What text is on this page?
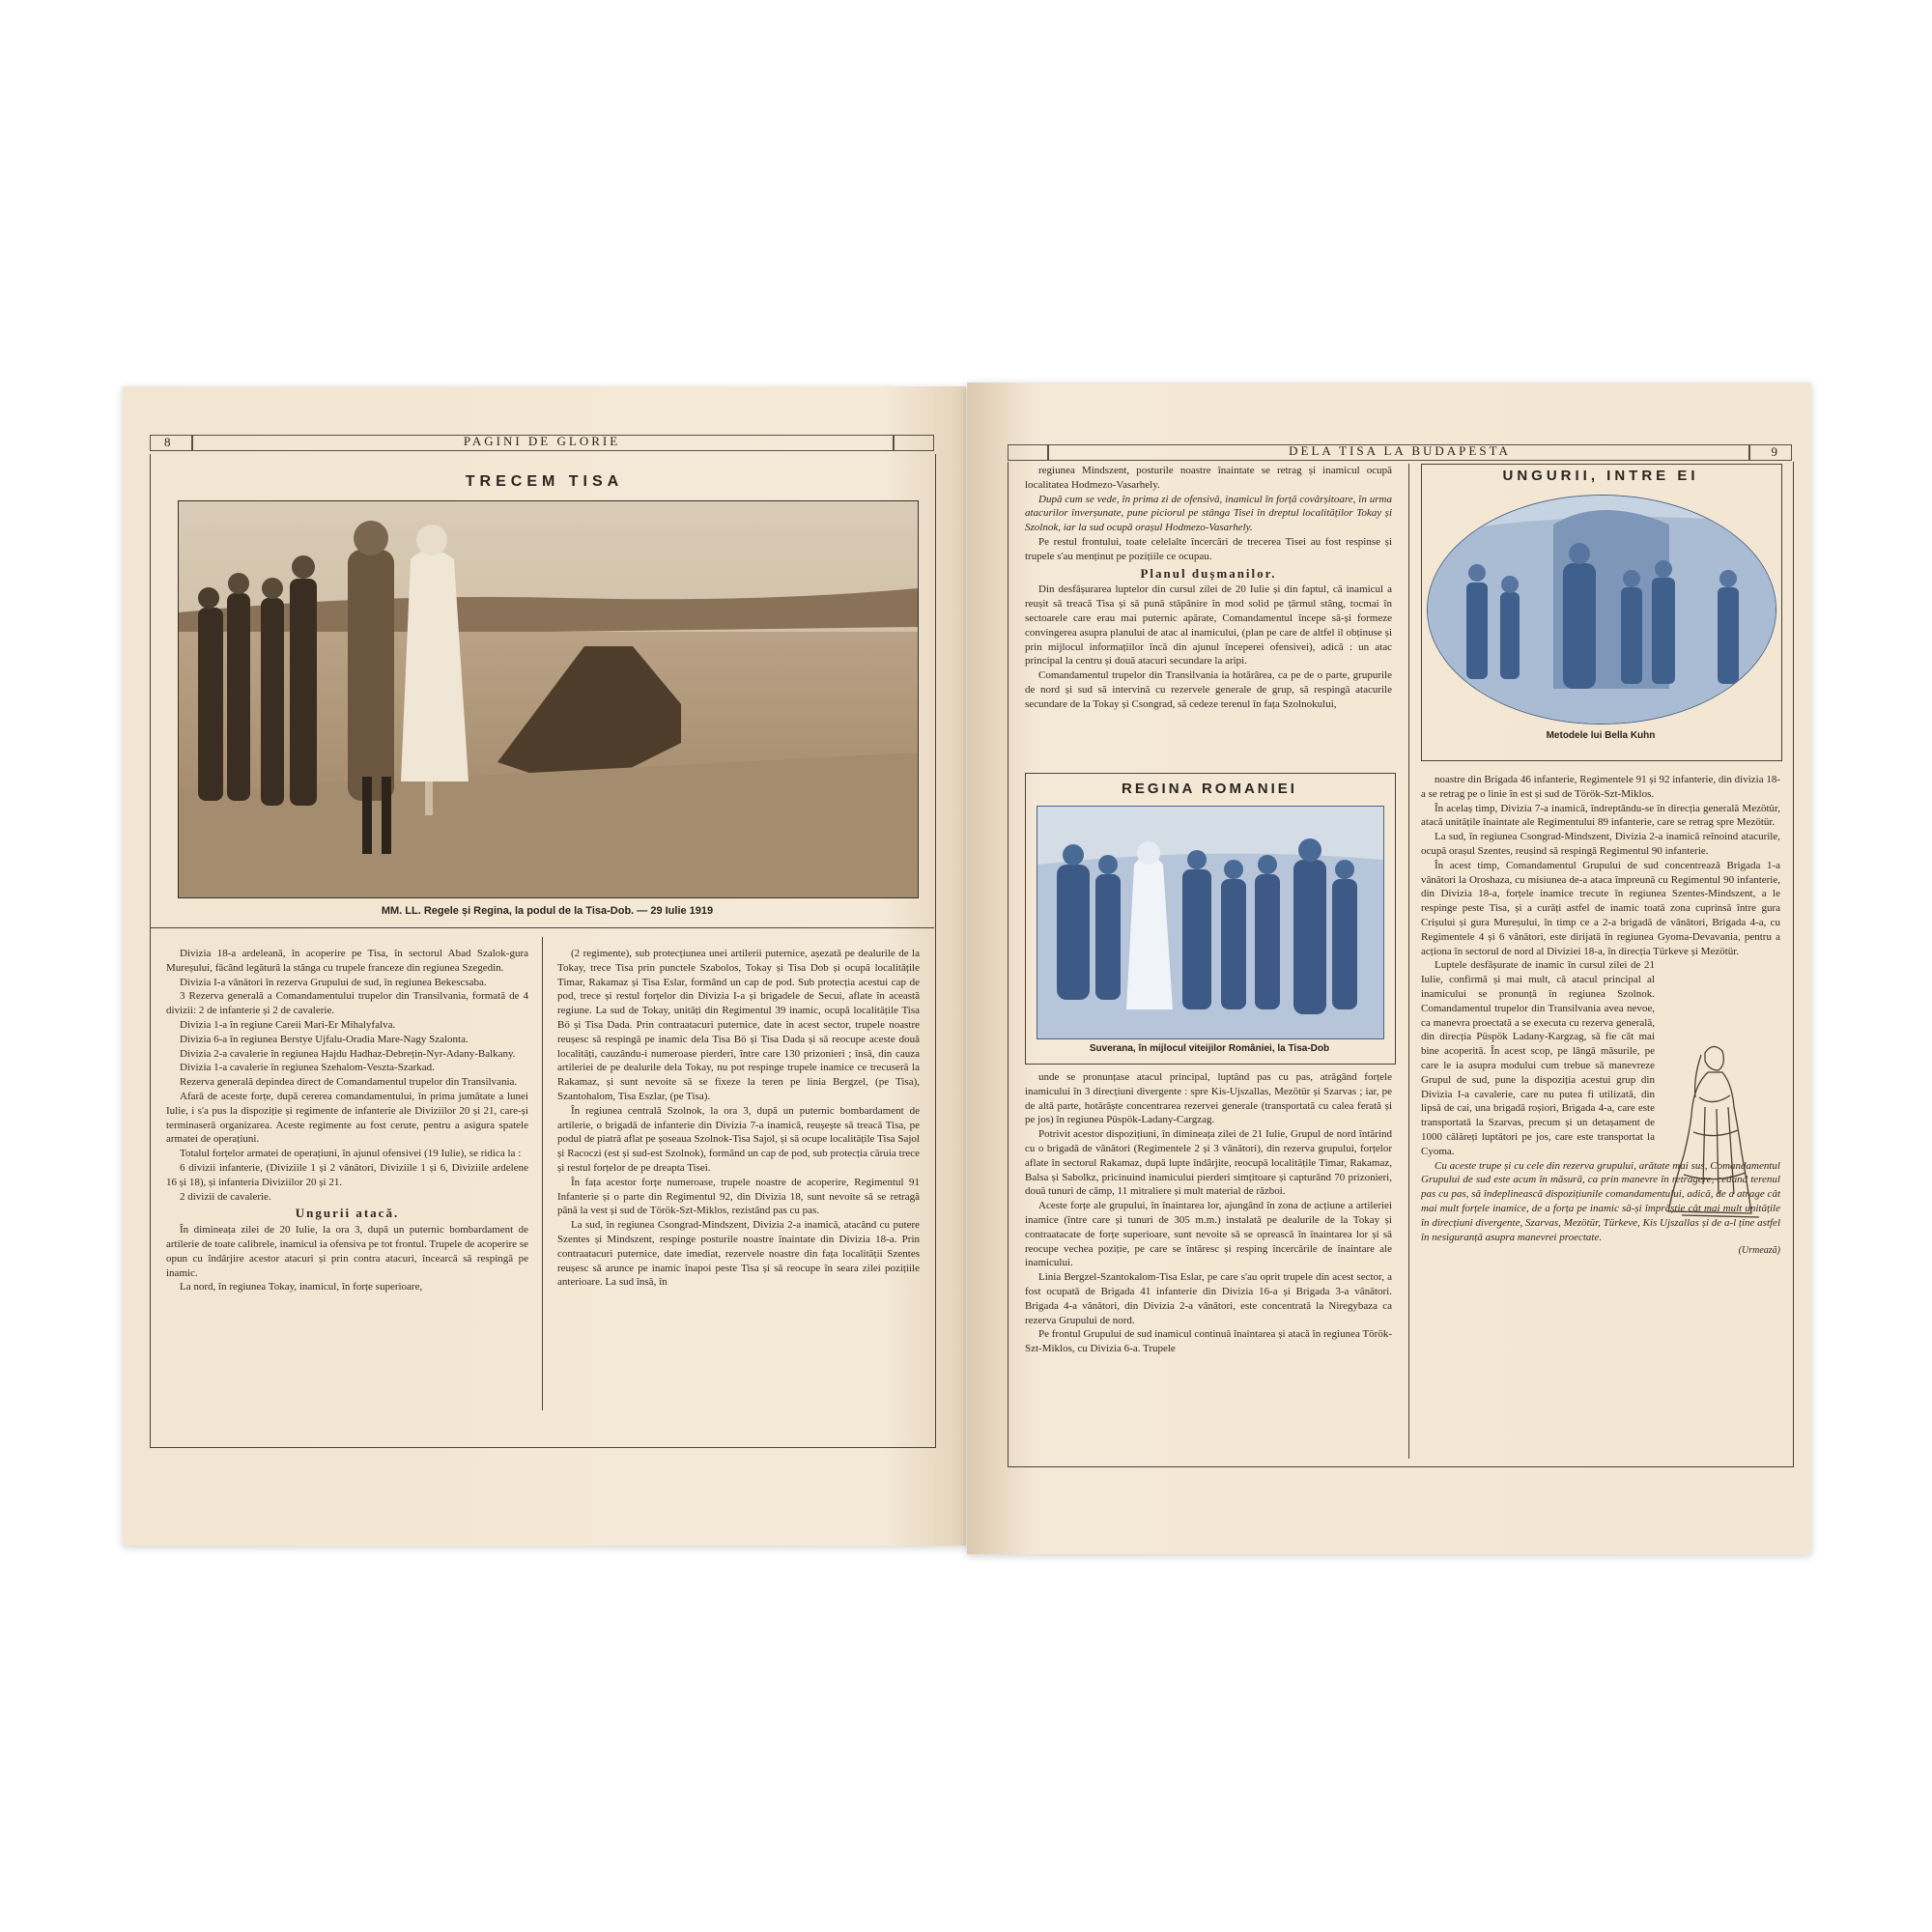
8	PAGINI DE GLORIE
TRECEM TISA
MM. LL. Regele și Regina, la podul de la Tisa-Dob. — 29 Iulie 1919

Divizia 18-a ardeleană, în acoperire pe Tisa, în sectorul Abad Szalok-gura Mureșului, făcând legătură la stânga cu trupele franceze din regiunea Szegedin.

Divizia I-a vânători în rezerva Grupului de sud, în regiunea Bekescsaba.

3 Rezerva generală a Comandamentului trupelor din Transilvania, formată de 4 divizii: 2 de infanterie și 2 de cavalerie.

Divizia 1-a în regiune Careii Mari-Er Mihalyfalva.

Divizia 6-a în regiunea Berstye Ujfalu-Oradia Mare-Nagy Szalonta.

Divizia 2-a cavalerie în regiunea Hajdu Hadhaz-Debrețin-Nyr-Adany-Balkany.

Divizia 1-a cavalerie în regiunea Szehalom-Veszta-Szarkad.

Rezerva generală depindea direct de Comandamentul trupelor din Transilvania.

Afară de aceste forțe, după cererea comandamentului, în prima jumătate a lunei Iulie, i s'a pus la dispoziție și regimente de infanterie ale Diviziilor 20 și 21, care-și terminaseră organizarea. Aceste regimente au fost cerute, pentru a asigura spatele armatei de operațiuni.

Totalul forțelor armatei de operațiuni, în ajunul ofensivei (19 Iulie), se ridica la :

6 divizii infanterie, (Diviziile 1 și 2 vânători, Diviziile 1 și 6, Diviziile ardelene 16 și 18), și infanteria Diviziilor 20 și 21.

2 divizii de cavalerie.

Ungurii atacă.

În dimineața zilei de 20 Iulie, la ora 3, după un puternic bombardament de artilerie de toate calibrele, inamicul ia ofensiva pe tot frontul. Trupele de acoperire se opun cu îndârjire acestor atacuri și prin contra atacuri, încearcă să respingă pe inamic.

La nord, în regiunea Tokay, inamicul, în forțe superioare,

(2 regimente), sub protecțiunea unei artilerii puternice, așezată pe dealurile de la Tokay, trece Tisa prin punctele Szabolos, Tokay și Tisa Dob și ocupă localitățile Timar, Rakamaz și Tisa Eslar, formând un cap de pod. Sub protecția acestui cap de pod, trece și restul forțelor din Divizia I-a și brigadele de Secui, aflate în această regiune. La sud de Tokay, unități din Regimentul 39 inamic, ocupă localitățile Tisa Bö și Tisa Dada. Prin contraatacuri puternice, date în acest sector, trupele noastre reușesc să respingă pe inamic dela Tisa Bö și Tisa Dada și să reocupe aceste două localități, cauzându-i numeroase pierderi, între care 130 prizonieri ; însă, din cauza artileriei de pe dealurile dela Tokay, nu pot respinge trupele inamice ce trecuseră la Rakamaz, și sunt nevoite să se fixeze la teren pe linia Bergzel, (pe Tisa), Szantohalom, Tisa Eszlar, (pe Tisa).

În regiunea centrală Szolnok, la ora 3, după un puternic bombardament de artilerie, o brigadă de infanterie din Divizia 7-a inamică, reușește să treacă Tisa, pe podul de piatră aflat pe șoseaua Szolnok-Tisa Sajol, și să ocupe localitățile Tisa Sajol și Racoczi (est și sud-est Szolnok), formând un cap de pod, sub protecția căruia trece și restul forțelor de pe dreapta Tisei.

În fața acestor forțe numeroase, trupele noastre de acoperire, Regimentul 91 Infanterie și o parte din Regimentul 92, din Divizia 18, sunt nevoite să se retragă până la vest și sud de Török-Szt-Miklos, rezistând pas cu pas.

La sud, în regiunea Csongrad-Mindszent, Divizia 2-a inamică, atacând cu putere Szentes și Mindszent, respinge posturile noastre înaintate din Divizia 18-a. Prin contraatacuri puternice, date imediat, rezervele noastre din fața localității Szentes reușesc să arunce pe inamic înapoi peste Tisa și să reocupe în seara zilei pozițiile anterioare. La sud însă, în

DELA TISA LA BUDAPESTA	9

regiunea Mindszent, posturile noastre înaintate se retrag și inamicul ocupă localitatea Hodmezo-Vasarhely.

După cum se vede, în prima zi de ofensivă, inamicul în forță covârșitoare, în urma atacurilor înverșunate, pune piciorul pe stânga Tisei în dreptul localităților Tokay și Szolnok, iar la sud ocupă orașul Hodmezo-Vasarhely.

Pe restul frontului, toate celelalte încercări de trecerea Tisei au fost respinse și trupele s'au menținut pe pozițiile ce ocupau.

Planul dușmanilor.

Din desfășurarea luptelor din cursul zilei de 20 Iulie și din faptul, că inamicul a reușit să treacă Tisa și să pună stăpânire în mod solid pe țărmul stâng, tocmai în sectoarele care erau mai puternic apărate, Comandamentul începe să-și formeze convingerea asupra planului de atac al inamicului, (plan pe care de altfel il obținuse și prin mijlocul informațiilor încă din ajunul începerei ofensivei), adică : un atac principal la centru și două atacuri secundare la aripi.

Comandamentul trupelor din Transilvania ia hotărârea, ca pe de o parte, grupurile de nord și sud să intervină cu rezervele generale de grup, să respingă atacurile secundare de la Tokay și Csongrad, să cedeze terenul în fața Szolnokului,

REGINA ROMANIEI
Suverana, în mijlocul viteijilor României, la Tisa-Dob

unde se pronunțase atacul principal, luptând pas cu pas, atrăgând forțele inamicului în 3 direcțiuni divergente : spre Kis-Ujszallas, Mezötür și Szarvas ; iar, pe de altă parte, hotărăște concentrarea rezervei generale (transportată cu calea ferată și pe jos) în regiunea Püspök-Ladany-Cargzag.

Potrivit acestor dispozițiuni, în dimineața zilei de 21 Iulie, Grupul de nord întărind cu o brigadă de vânători (Regimentele 2 și 3 vânători), din rezerva grupului, forțelor aflate în sectorul Rakamaz, după lupte îndârjite, reocupă localitățile Timar, Rakamaz, Balsa și Sabolkz, pricinuind inamicului pierderi simțitoare și capturând 70 prizonieri, două tunuri de câmp, 11 mitraliere și mult material de război.

Aceste forțe ale grupului, în înaintarea lor, ajungând în zona de acțiune a artileriei inamice (între care și tunuri de 305 m.m.) instalată pe dealurile de la Tokay și contraatacate de forțe superioare, sunt nevoite să se oprească în înaintarea lor și să reocupe vechea poziție, pe care se întăresc și resping încercările de înaintare ale inamicului.

Linia Bergzel-Szantokalom-Tisa Eslar, pe care s'au oprit trupele din acest sector, a fost ocupată de Brigada 41 infanterie din Divizia 16-a și Brigada 3-a vânători. Brigada 4-a vânători, din Divizia 2-a vânători, este concentrată la Niregybaza ca rezerva Grupului de nord.

Pe frontul Grupului de sud inamicul continuă înaintarea și atacă în regiunea Török-Szt-Miklos, cu Divizia 6-a. Trupele

UNGURII, INTRE EI
Metodele lui Bella Kuhn

noastre din Brigada 46 infanterie, Regimentele 91 și 92 infanterie, din divizia 18-a se retrag pe o linie în est și sud de Török-Szt-Miklos.

În acelaș timp, Divizia 7-a inamică, îndreptându-se în direcția generală Mezötür, atacă unitățile înaintate ale Regimentului 89 infanterie, care se retrag spre Mezötür.

La sud, în regiunea Csongrad-Mindszent, Divizia 2-a inamică reînoind atacurile, ocupă orașul Szentes, reușind să respingă Regimentul 90 infanterie.

În acest timp, Comandamentul Grupului de sud concentrează Brigada 1-a vânători la Oroshaza, cu misiunea de-a ataca împreună cu Regimentul 90 infanterie, din Divizia 18-a, forțele inamice trecute în regiunea Szentes-Mindszent, a le respinge peste Tisa, și a curăți astfel de inamic toată zona cuprinsă între gura Crișului și gura Mureșului, în timp ce a 2-a brigadă de vânători, Brigada 4-a, cu Regimentele 4 și 6 vânători, este dirijată în regiunea Gyoma-Devavania, pentru a acționa în sectorul de nord al Diviziei 18-a, în direcția Türkeve și Mezötür.

Luptele desfășurate de inamic în cursul zilei de 21 Iulie, confirmă și mai mult, că atacul principal al inamicului se pronunță în regiunea Szolnok. Comandamentul trupelor din Transilvania avea nevoe, ca manevra proectată a se executa cu rezerva generală, din direcția Püspök Ladany-Kargzag, să fie cât mai bine acoperită. În acest scop, pe lângă măsurile, pe care le ia asupra modului cum trebue să manevreze Grupul de sud, pune la dispoziția acestui grup din Divizia I-a cavalerie, care nu putea fi utilizată, din lipsă de cai, una brigadă roșiori, Brigada 4-a, care este transportată la Szarvas, precum și un detașament de 1000 călăreți luptători pe jos, care este transportat la Cyoma.

Cu aceste trupe și cu cele din rezerva grupului, arătate mai sus, Comandamentul Grupului de sud este acum în măsură, ca prin manevre în retragere, cedând terenul pas cu pas, să îndeplinească dispozițiunile comandamentului, adică, de a atrage cât mai mult forțele inamice, de a forța pe inamic să-și împrăștie cât mai mult unitățile în direcțiuni divergente, Szarvas, Mezötür, Türkeve, Kis Ujszallas și de a-l ține astfel în nesiguranță asupra manevrei proectate.

(Urmează)
